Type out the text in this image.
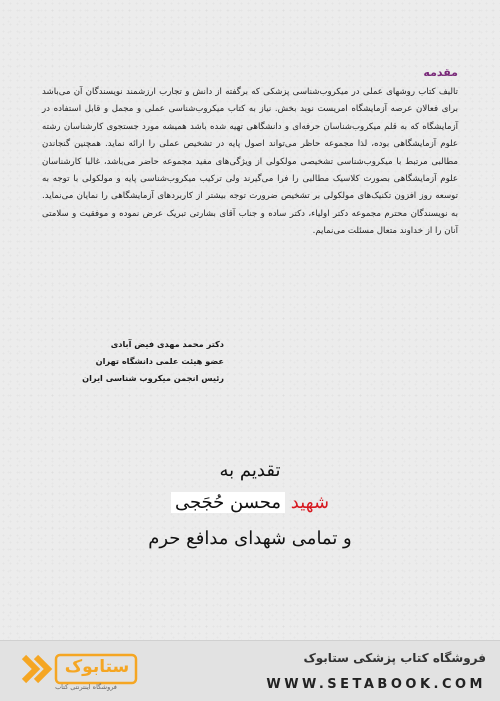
مقدمه

تالیف کتاب روشهای عملی در میکروب‌شناسی پزشکی که برگفته از دانش و تجارب ارزشمند نویسندگان آن می‌باشد برای فعالان عرصه آزمایشگاه امریست نوید بخش. نیاز به کتاب میکروب‌شناسی عملی و مجمل و قابل استفاده در آزمایشگاه که به قلم میکروب‌شناسان حرفه‌ای و دانشگاهی تهیه شده باشد همیشه مورد جستجوی کارشناسان رشته علوم آزمایشگاهی بوده، لذا مجموعه حاظر می‌تواند اصول پایه در تشخیص عملی را ارائه نماید. همچنین گنجاندن مطالبی مرتبط با میکروب‌شناسی تشخیصی مولکولی از ویژگی‌های مفید مجموعه حاضر می‌باشد، غالبا کارشناسان علوم آزمایشگاهی بصورت کلاسیک مطالبی را فرا می‌گیرند ولی ترکیب میکروب‌شناسی پایه و مولکولی با توجه به توسعه روز افزون تکنیک‌های مولکولی بر تشخیص ضرورت توجه بیشتر از کاربردهای آزمایشگاهی را نمایان می‌نماید. به نویسندگان محترم مجموعه دکتر اولیاء، دکتر ساده و جناب آقای بشارتی تبریک عرض نموده و موفقیت و سلامتی آنان را از خداوند متعال مسئلت می‌نمایم.

دکتر محمد مهدی فیض آبادی
عضو هیئت علمی دانشگاه تهران
رئیس انجمن میکروب شناسی ایران
تقدیم به
شهید محسن حُجَجی
و تمامی شهدای مدافع حرم
ستابوک
فروشگاه اینترنتی کتاب
فروشگاه کتاب پزشکی ستابوک
WWW.SETABOOK.COM
